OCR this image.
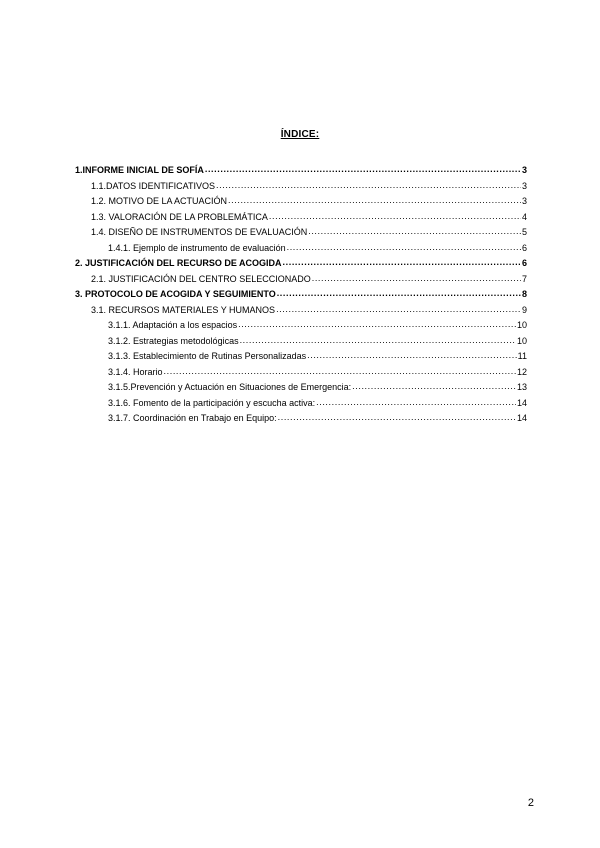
ÍNDICE:
1.INFORME INICIAL DE SOFÍA .....	3
1.1.DATOS IDENTIFICATIVOS .....	3
1.2. MOTIVO DE LA ACTUACIÓN .....	3
1.3. VALORACIÓN DE LA PROBLEMÁTICA .....	4
1.4. DISEÑO DE INSTRUMENTOS DE EVALUACIÓN .....	5
1.4.1. Ejemplo de instrumento de evaluación .....	6
2. JUSTIFICACIÓN DEL RECURSO DE ACOGIDA .....	6
2.1. JUSTIFICACIÓN DEL CENTRO SELECCIONADO .....	7
3. PROTOCOLO DE ACOGIDA Y SEGUIMIENTO .....	8
3.1. RECURSOS MATERIALES Y HUMANOS .....	9
3.1.1. Adaptación a los espacios .....	10
3.1.2. Estrategias metodológicas .....	10
3.1.3. Establecimiento de Rutinas Personalizadas .....	11
3.1.4. Horario .....	12
3.1.5.Prevención y Actuación en Situaciones de Emergencia: .....	13
3.1.6. Fomento de la participación y escucha activa: .....	14
3.1.7. Coordinación en Trabajo en Equipo: .....	14
2
